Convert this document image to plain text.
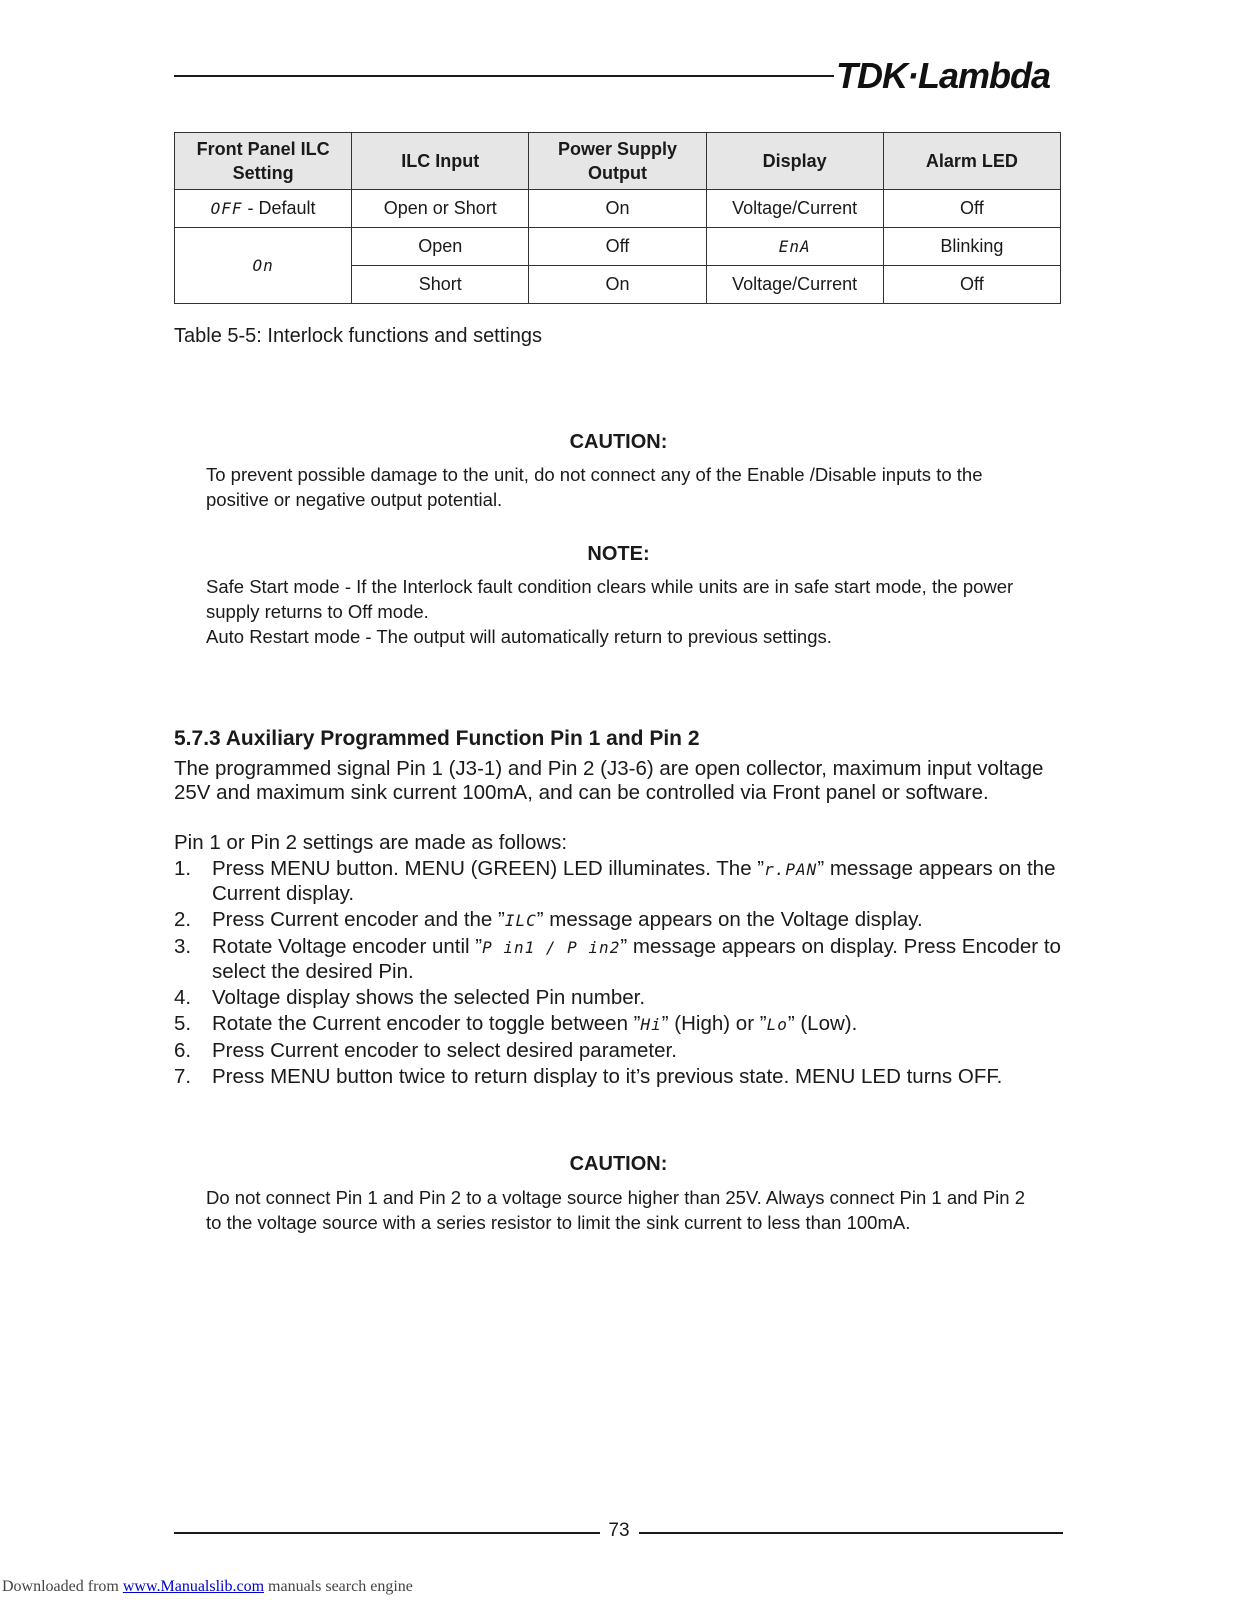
TDK·Lambda
Front Panel ILC Setting	ILC Input	Power Supply Output	Display	Alarm LED
OFF - Default	Open or Short	On	Voltage/Current	Off
On	Open	Off	EnA	Blinking
	Short	On	Voltage/Current	Off
Table 5-5: Interlock functions and settings
CAUTION:

To prevent possible damage to the unit, do not connect any of the Enable /Disable inputs to the

positive or negative output potential.

NOTE:

Safe Start mode - If the Interlock fault condition clears while units are in safe start mode, the power

supply returns to Off mode.

Auto Restart mode - The output will automatically return to previous settings.

5.7.3 Auxiliary Programmed Function Pin 1 and Pin 2

The programmed signal Pin 1 (J3-1) and Pin 2 (J3-6) are open collector, maximum input voltage

25V and maximum sink current 100mA, and can be controlled via Front panel or software.

Pin 1 or Pin 2 settings are made as follows:
1. Press MENU button. MENU (GREEN) LED illuminates. The ”r.PAN” message appears on the
Current display.
2. Press Current encoder and the ”ILC” message appears on the Voltage display.
3. Rotate Voltage encoder until ”P in1 / P in2” message appears on display. Press Encoder to
select the desired Pin.
4. Voltage display shows the selected Pin number.
5. Rotate the Current encoder to toggle between ”Hi” (High) or ”Lo” (Low).
6. Press Current encoder to select desired parameter.
7. Press MENU button twice to return display to it’s previous state. MENU LED turns OFF.
CAUTION:

Do not connect Pin 1 and Pin 2 to a voltage source higher than 25V. Always connect Pin 1 and Pin 2

to the voltage source with a series resistor to limit the sink current to less than 100mA.

73
Downloaded from www.Manualslib.com manuals search engine
